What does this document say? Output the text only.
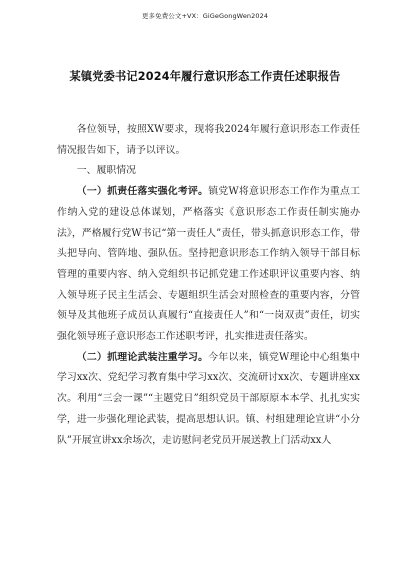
更多免费公文+VX：GiGeGongWen2024
某镇党委书记2024年履行意识形态工作责任述职报告

各位领导，按照XW要求，现将我2024年履行意识形态工作责任情况报告如下，请予以评议。

一、履职情况

（一）抓责任落实强化考评。镇党W将意识形态工作作为重点工作纳入党的建设总体谋划，严格落实《意识形态工作责任制实施办法》，严格履行党W书记“第一责任人”责任，带头抓意识形态工作，带头把导向、管阵地、强队伍。坚持把意识形态工作纳入领导干部目标管理的重要内容、纳入党组织书记抓党建工作述职评议重要内容、纳入领导班子民主生活会、专题组织生活会对照检查的重要内容，分管领导及其他班子成员认真履行“直接责任人”和“一岗双责”责任，切实强化领导班子意识形态工作述职考评，扎实推进责任落实。

（二）抓理论武装注重学习。今年以来，镇党W理论中心组集中学习xx次、党纪学习教育集中学习xx次、交流研讨xx次、专题讲座xx次。利用“三会一课”“主题党日”组织党员干部原原本本学、扎扎实实学，进一步强化理论武装，提高思想认识。镇、村组建理论宣讲“小分队”开展宣讲xx余场次，走访慰问老党员开展送教上门活动xx人
